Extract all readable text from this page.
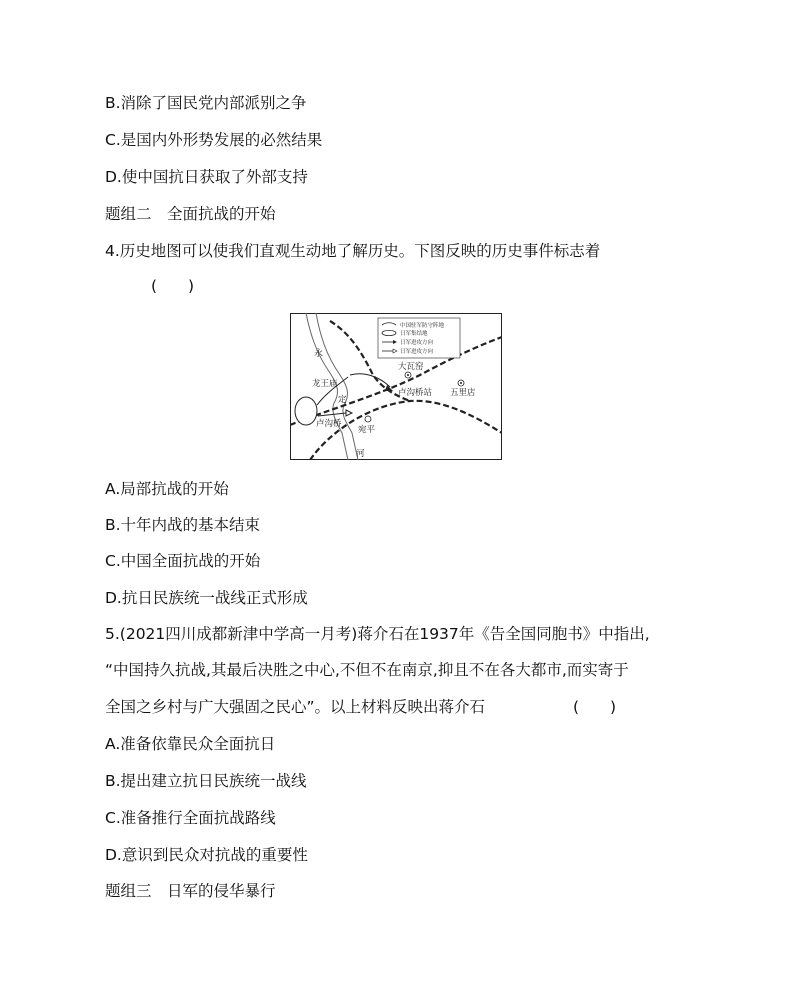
B.消除了国民党内部派别之争
C.是国内外形势发展的必然结果
D.使中国抗日获取了外部支持
题组二　全面抗战的开始
4.历史地图可以使我们直观生动地了解历史。下图反映的历史事件标志着
(　　)
中国驻军防守阵地
日军集结地
日军进攻方向
日军进攻方向
永
龙王庙
定
大瓦窑
五里店
卢沟桥站
卢沟桥
宛平
河
A.局部抗战的开始
B.十年内战的基本结束
C.中国全面抗战的开始
D.抗日民族统一战线正式形成
5.(2021四川成都新津中学高一月考)蒋介石在1937年《告全国同胞书》中指出,
“中国持久抗战,其最后决胜之中心,不但不在南京,抑且不在各大都市,而实寄于
全国之乡村与广大强固之民心”。以上材料反映出蒋介石	(　　)
A.准备依靠民众全面抗日
B.提出建立抗日民族统一战线
C.准备推行全面抗战路线
D.意识到民众对抗战的重要性
题组三　日军的侵华暴行
